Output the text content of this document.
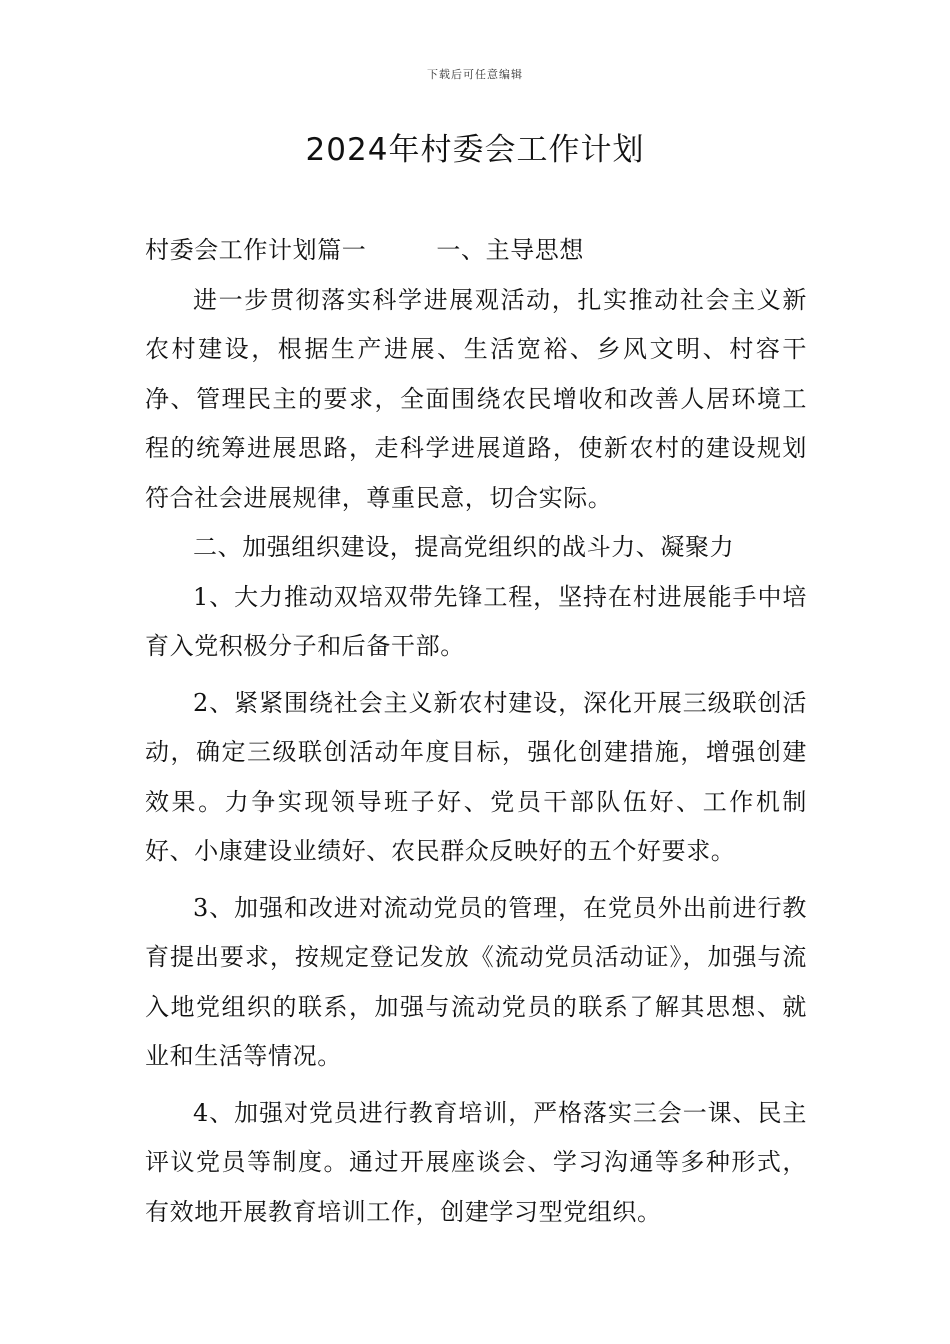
下载后可任意编辑
2024年村委会工作计划

村委会工作计划篇一	一、主导思想

进一步贯彻落实科学进展观活动，扎实推动社会主义新农村建设，根据生产进展、生活宽裕、乡风文明、村容干净、管理民主的要求，全面围绕农民增收和改善人居环境工程的统筹进展思路，走科学进展道路，使新农村的建设规划符合社会进展规律，尊重民意，切合实际。

二、加强组织建设，提高党组织的战斗力、凝聚力

1、大力推动双培双带先锋工程，坚持在村进展能手中培育入党积极分子和后备干部。

2、紧紧围绕社会主义新农村建设，深化开展三级联创活动，确定三级联创活动年度目标，强化创建措施，增强创建效果。力争实现领导班子好、党员干部队伍好、工作机制好、小康建设业绩好、农民群众反映好的五个好要求。

3、加强和改进对流动党员的管理，在党员外出前进行教育提出要求，按规定登记发放《流动党员活动证》，加强与流入地党组织的联系，加强与流动党员的联系了解其思想、就业和生活等情况。

4、加强对党员进行教育培训，严格落实三会一课、民主评议党员等制度。通过开展座谈会、学习沟通等多种形式，有效地开展教育培训工作，创建学习型党组织。
